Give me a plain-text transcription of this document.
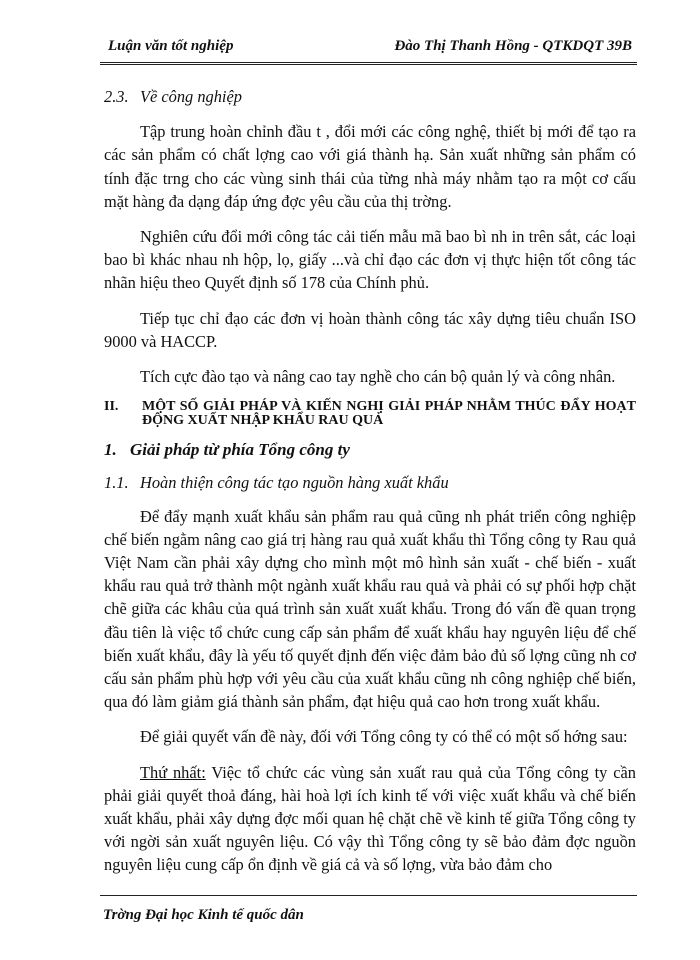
Luận văn tốt nghiệp	Đào Thị Thanh Hồng - QTKDQT 39B
2.3. Về công nghiệp

Tập trung hoàn chỉnh đầu t , đổi mới các công nghệ, thiết bị mới để tạo ra các sản phẩm có chất lợng cao với giá thành hạ. Sản xuất những sản phẩm có tính đặc trng cho các vùng sinh thái của từng nhà máy nhằm tạo ra một cơ cấu mặt hàng đa dạng đáp ứng đợc yêu cầu của thị trờng.

Nghiên cứu đổi mới công tác cải tiến mẫu mã bao bì nh in trên sắt, các loại bao bì khác nhau nh hộp, lọ, giấy ...và chỉ đạo các đơn vị thực hiện tốt công tác nhãn hiệu theo Quyết định số 178 của Chính phủ.

Tiếp tục chỉ đạo các đơn vị hoàn thành công tác xây dựng tiêu chuẩn ISO 9000 và HACCP.

Tích cực đào tạo và nâng cao tay nghề cho cán bộ quản lý và công nhân.

II.	MỘT SỐ GIẢI PHÁP VÀ KIẾN NGHỊ GIẢI PHÁP NHẰM THÚC ĐẨY HOẠT ĐỘNG XUẤT NHẬP KHẨU RAU QUẢ
1. Giải pháp từ phía Tổng công ty
1.1. Hoàn thiện công tác tạo nguồn hàng xuất khẩu

Để đẩy mạnh xuất khẩu sản phẩm rau quả cũng nh phát triển công nghiệp chế biến ngằm nâng cao giá trị hàng rau quả xuất khẩu thì Tổng công ty Rau quả Việt Nam cần phải xây dựng cho mình một mô hình sản xuất - chế biến - xuất khẩu rau quả trở thành một ngành xuất khẩu rau quả và phải có sự phối hợp chặt chẽ giữa các khâu của quá trình sản xuất xuất khẩu. Trong đó vấn đề quan trọng đầu tiên là việc tổ chức cung cấp sản phẩm để xuất khẩu hay nguyên liệu để chế biến xuất khẩu, đây là yếu tố quyết định đến việc đảm bảo đủ số lợng cũng nh cơ cấu sản phẩm phù hợp với yêu cầu của xuất khẩu cũng nh công nghiệp chế biến, qua đó làm giảm giá thành sản phẩm, đạt hiệu quả cao hơn trong xuất khẩu.

Để giải quyết vấn đề này, đối với Tổng công ty có thể có một số hớng sau:

Thứ nhất: Việc tổ chức các vùng sản xuất rau quả của Tổng công ty cần phải giải quyết thoả đáng, hài hoà lợi ích kinh tế với việc xuất khẩu và chế biến xuất khẩu, phải xây dựng đợc mối quan hệ chặt chẽ về kinh tế giữa Tổng công ty với ngời sản xuất nguyên liệu. Có vậy thì Tổng công ty sẽ bảo đảm đợc nguồn nguyên liệu cung cấp ổn định về giá cả và số lợng, vừa bảo đảm cho

Trờng Đại học Kinh tế quốc dân
